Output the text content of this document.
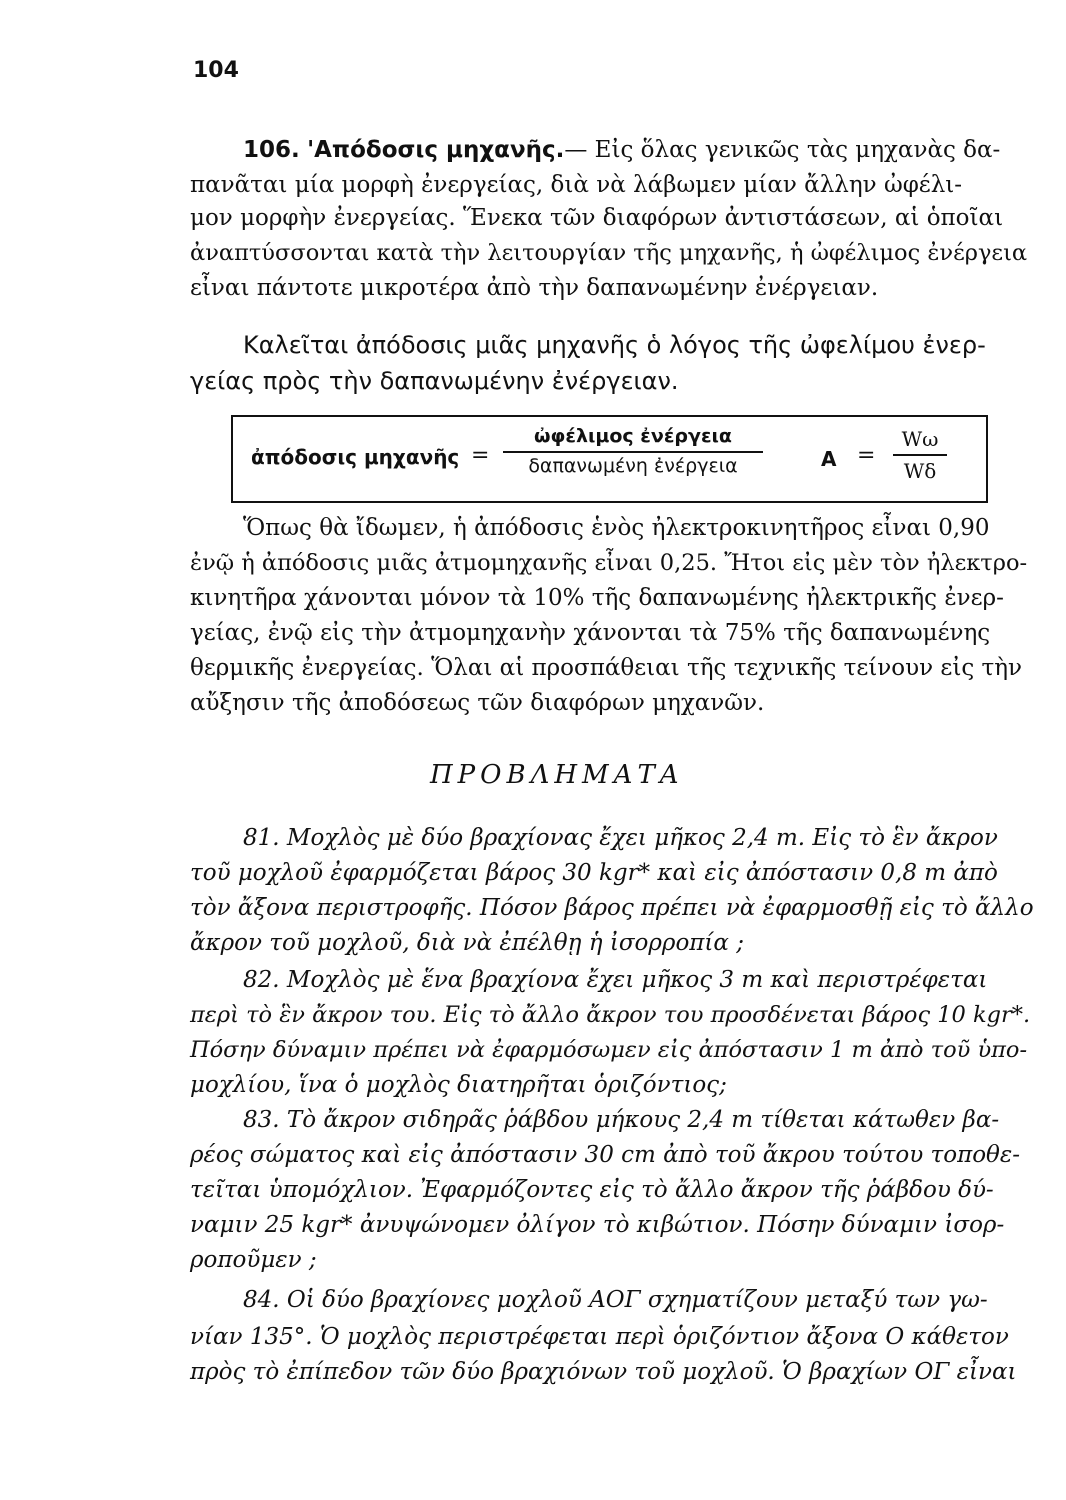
104
106. 'Απόδοσις μηχανῆς.— Εἰς ὅλας γενικῶς τὰς μηχανὰς δα-
πανᾶται μία μορφὴ ἐνεργείας, διὰ νὰ λάβωμεν μίαν ἄλλην ὠφέλι-
μον μορφὴν ἐνεργείας. Ἕνεκα τῶν διαφόρων ἀντιστάσεων, αἱ ὁποῖαι
ἀναπτύσσονται κατὰ τὴν λειτουργίαν τῆς μηχανῆς, ἡ ὠφέλιμος ἐνέργεια
εἶναι πάντοτε μικροτέρα ἀπὸ τὴν δαπανωμένην ἐνέργειαν.
Καλεῖται ἀπόδοσις μιᾶς μηχανῆς ὁ λόγος τῆς ὠφελίμου ἐνερ-
γείας πρὸς τὴν δαπανωμένην ἐνέργειαν.
ἀπόδοσις μηχανῆς =
ὠφέλιμος ἐνέργεια
δαπανωμένη ἐνέργεια	A =
Wω
Wδ
Ὅπως θὰ ἴδωμεν, ἡ ἀπόδοσις ἑνὸς ἠλεκτροκινητῆρος εἶναι 0,90
ἐνῷ ἡ ἀπόδοσις μιᾶς ἀτμομηχανῆς εἶναι 0,25. Ἤτοι εἰς μὲν τὸν ἠλεκτρο-
κινητῆρα χάνονται μόνον τὰ 10% τῆς δαπανωμένης ἠλεκτρικῆς ἐνερ-
γείας, ἐνῷ εἰς τὴν ἀτμομηχανὴν χάνονται τὰ 75% τῆς δαπανωμένης
θερμικῆς ἐνεργείας. Ὅλαι αἱ προσπάθειαι τῆς τεχνικῆς τείνουν εἰς τὴν
αὔξησιν τῆς ἀποδόσεως τῶν διαφόρων μηχανῶν.
ΠΡΟΒΛΗΜΑΤΑ
81. Μοχλὸς μὲ δύο βραχίονας ἔχει μῆκος 2,4 m. Εἰς τὸ ἓν ἄκρον
τοῦ μοχλοῦ ἐφαρμόζεται βάρος 30 kgr* καὶ εἰς ἀπόστασιν 0,8 m ἀπὸ
τὸν ἄξονα περιστροφῆς. Πόσον βάρος πρέπει νὰ ἐφαρμοσθῇ εἰς τὸ ἄλλο
ἄκρον τοῦ μοχλοῦ, διὰ νὰ ἐπέλθῃ ἡ ἰσορροπία ;
82. Μοχλὸς μὲ ἕνα βραχίονα ἔχει μῆκος 3 m καὶ περιστρέφεται
περὶ τὸ ἓν ἄκρον του. Εἰς τὸ ἄλλο ἄκρον του προσδένεται βάρος 10 kgr*.
Πόσην δύναμιν πρέπει νὰ ἐφαρμόσωμεν εἰς ἀπόστασιν 1 m ἀπὸ τοῦ ὑπο-
μοχλίου, ἵνα ὁ μοχλὸς διατηρῆται ὁριζόντιος;
83. Τὸ ἄκρον σιδηρᾶς ῥάβδου μήκους 2,4 m τίθεται κάτωθεν βα-
ρέος σώματος καὶ εἰς ἀπόστασιν 30 cm ἀπὸ τοῦ ἄκρου τούτου τοποθε-
τεῖται ὑπομόχλιον. Ἐφαρμόζοντες εἰς τὸ ἄλλο ἄκρον τῆς ῥάβδου δύ-
ναμιν 25 kgr* ἀνυψώνομεν ὀλίγον τὸ κιβώτιον. Πόσην δύναμιν ἰσορ-
ροποῦμεν ;
84. Οἱ δύο βραχίονες μοχλοῦ ΑΟΓ σχηματίζουν μεταξύ των γω-
νίαν 135°. Ὁ μοχλὸς περιστρέφεται περὶ ὁριζόντιον ἄξονα Ο κάθετον
πρὸς τὸ ἐπίπεδον τῶν δύο βραχιόνων τοῦ μοχλοῦ. Ὁ βραχίων ΟΓ εἶναι
